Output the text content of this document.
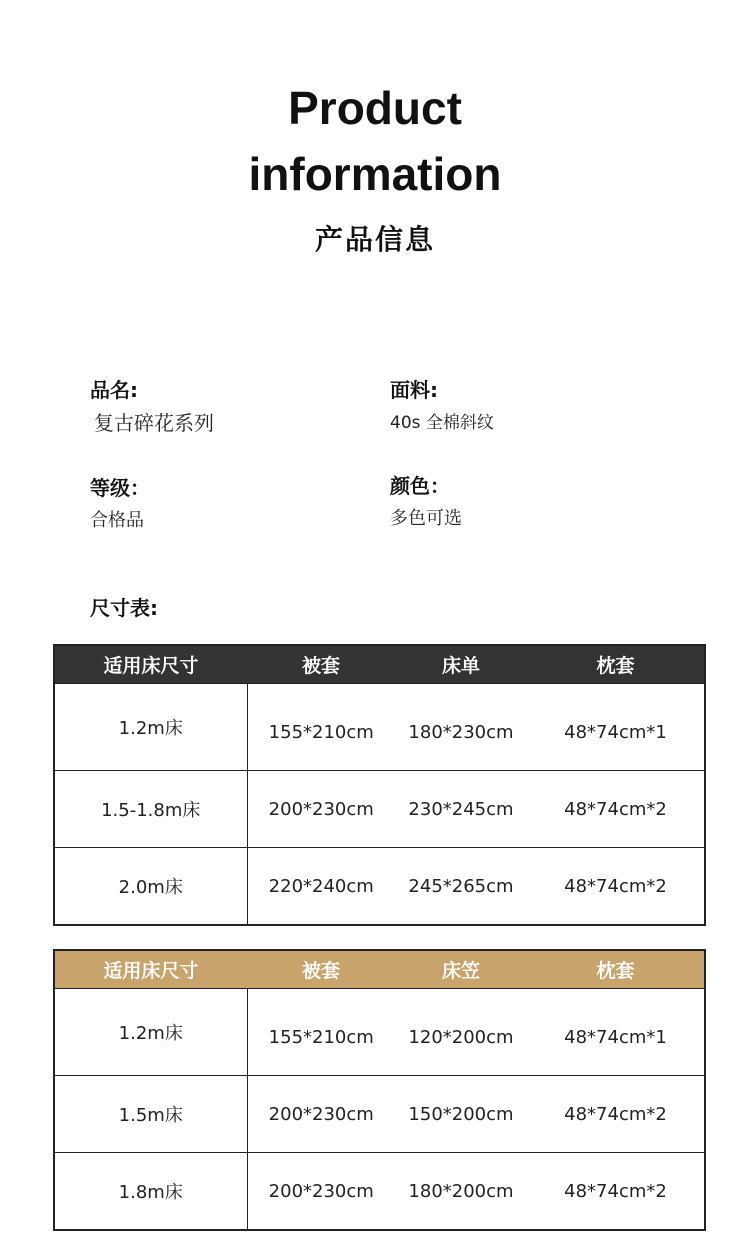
Product
information
产品信息
品名:
复古碎花系列
面料:
40s 全棉斜纹
等级：
合格品
颜色：
多色可选
尺寸表:
适用床尺寸	被套	床单	枕套
1.2m床	155*210cm	180*230cm	48*74cm*1
1.5-1.8m床	200*230cm	230*245cm	48*74cm*2
2.0m床	220*240cm	245*265cm	48*74cm*2
适用床尺寸	被套	床笠	枕套
1.2m床	155*210cm	120*200cm	48*74cm*1
1.5m床	200*230cm	150*200cm	48*74cm*2
1.8m床	200*230cm	180*200cm	48*74cm*2
